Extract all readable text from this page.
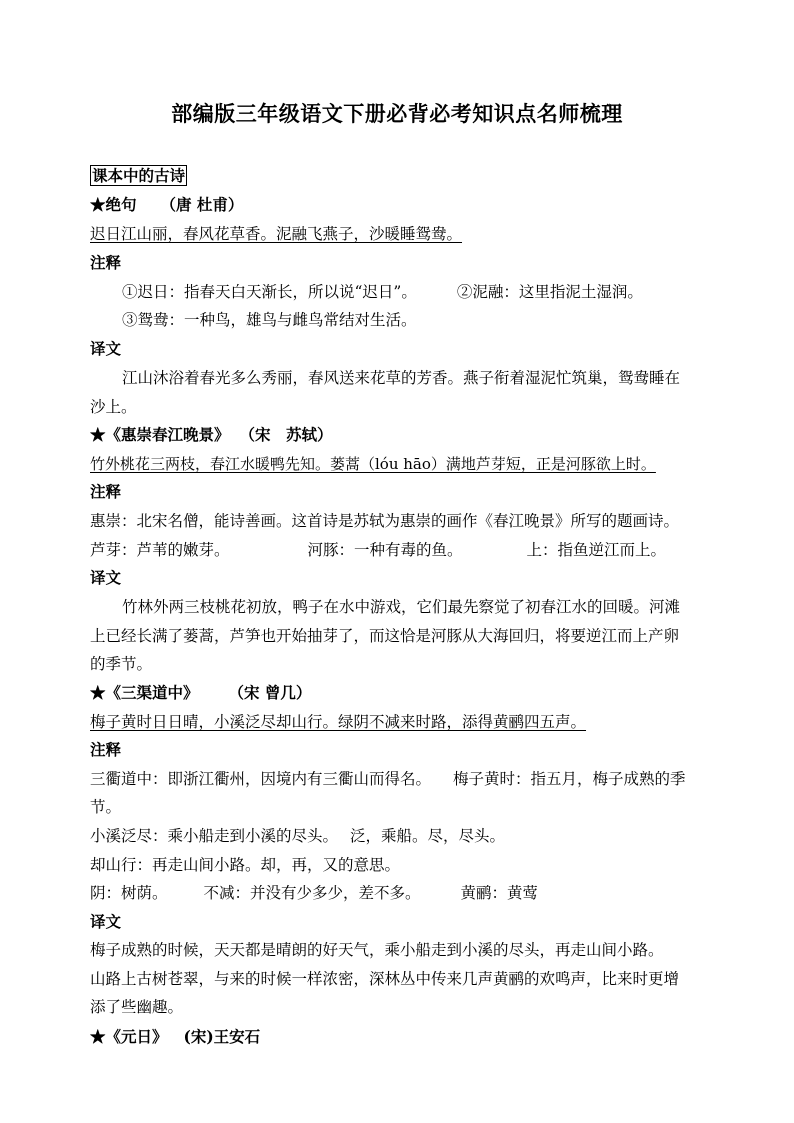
部编版三年级语文下册必背必考知识点名师梳理
课本中的古诗
★绝句 （唐 杜甫）
迟日江山丽，春风花草香。泥融飞燕子，沙暖睡鸳鸯。
注释
①迟日：指春天白天渐长，所以说“迟日”。	②泥融：这里指泥土湿润。
③鸳鸯：一种鸟，雄鸟与雌鸟常结对生活。
译文
江山沐浴着春光多么秀丽，春风送来花草的芳香。燕子衔着湿泥忙筑巢，鸳鸯睡在
沙上。
★《惠崇春江晚景》 （宋　苏轼）
竹外桃花三两枝，春江水暖鸭先知。蒌蒿（lóu hāo）满地芦芽短，正是河豚欲上时。
注释
惠崇：北宋名僧，能诗善画。这首诗是苏轼为惠崇的画作《春江晚景》所写的题画诗。
芦芽：芦苇的嫩芽。	河豚：一种有毒的鱼。	上：指鱼逆江而上。
译文
竹林外两三枝桃花初放，鸭子在水中游戏，它们最先察觉了初春江水的回暖。河滩
上已经长满了蒌蒿，芦笋也开始抽芽了，而这恰是河豚从大海回归，将要逆江而上产卵
的季节。
★《三渠道中》 （宋 曾几）
梅子黄时日日晴，小溪泛尽却山行。绿阴不减来时路，添得黄鹂四五声。
注释
三衢道中：即浙江衢州，因境内有三衢山而得名。 梅子黄时：指五月，梅子成熟的季
节。
小溪泛尽：乘小船走到小溪的尽头。 泛，乘船。尽，尽头。
却山行：再走山间小路。却，再，又的意思。
阴：树荫。 不减：并没有少多少，差不多。	黄鹂：黄莺
译文
梅子成熟的时候，天天都是晴朗的好天气，乘小船走到小溪的尽头，再走山间小路。
山路上古树苍翠，与来的时候一样浓密，深林丛中传来几声黄鹂的欢鸣声，比来时更增
添了些幽趣。
★《元日》 (宋)王安石
